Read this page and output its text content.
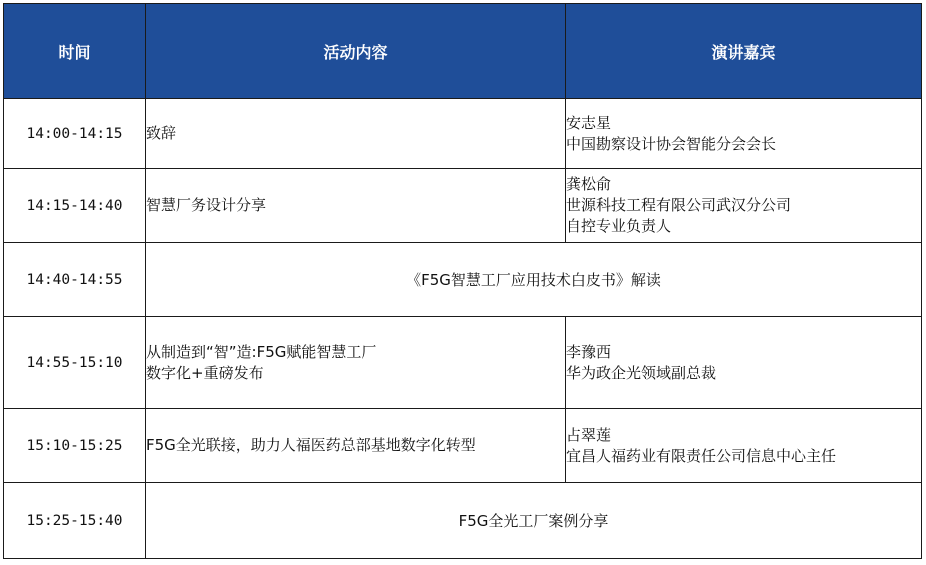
时间	活动内容	演讲嘉宾
14:00-14:15	致辞	安志星
中国勘察设计协会智能分会会长

14:15-14:40	智慧厂务设计分享	龚松俞
世源科技工程有限公司武汉分公司
自控专业负责人

14:40-14:55	《F5G智慧工厂应用技术白皮书》解读	
14:55-15:10	从制造到“智”造:F5G赋能智慧工厂
数字化+重磅发布	李豫西
华为政企光领域副总裁

15:10-15:25	F5G全光联接，助力人福医药总部基地数字化转型	占翠莲
宜昌人福药业有限责任公司信息中心主任

15:25-15:40	F5G全光工厂案例分享	
